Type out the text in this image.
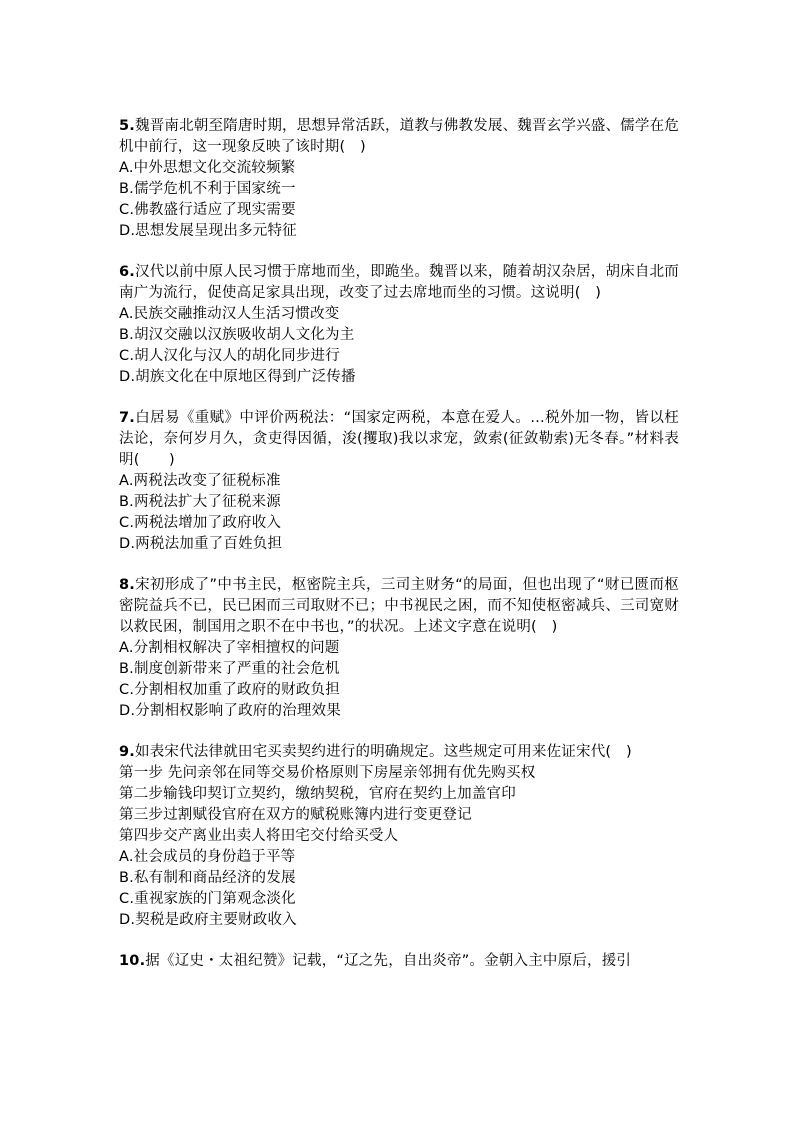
5.魏晋南北朝至隋唐时期，思想异常活跃，道教与佛教发展、魏晋玄学兴盛、儒学在危机中前行，这一现象反映了该时期(　)
A.中外思想文化交流较频繁
B.儒学危机不利于国家统一
C.佛教盛行适应了现实需要
D.思想发展呈现出多元特征
6.汉代以前中原人民习惯于席地而坐，即跪坐。魏晋以来，随着胡汉杂居，胡床自北而南广为流行，促使高足家具出现，改变了过去席地而坐的习惯。这说明(　)
A.民族交融推动汉人生活习惯改变
B.胡汉交融以汉族吸收胡人文化为主
C.胡人汉化与汉人的胡化同步进行
D.胡族文化在中原地区得到广泛传播
7.白居易《重赋》中评价两税法：“国家定两税，本意在爱人。…税外加一物，皆以枉法论，奈何岁月久，贪吏得因循，浚(攫取)我以求宠，敛索(征敛勒索)无冬春。”材料表明(　　)
A.两税法改变了征税标准
B.两税法扩大了征税来源
C.两税法增加了政府收入
D.两税法加重了百姓负担
8.宋初形成了”中书主民，枢密院主兵，三司主财务“的局面，但也出现了“财已匮而枢密院益兵不已，民已困而三司取财不已；中书视民之困，而不知使枢密减兵、三司宽财以救民困，制国用之职不在中书也，”的状况。上述文字意在说明(　)
A.分割相权解决了宰相擅权的问题
B.制度创新带来了严重的社会危机
C.分割相权加重了政府的财政负担
D.分割相权影响了政府的治理效果
9.如表宋代法律就田宅买卖契约进行的明确规定。这些规定可用来佐证宋代(　)
第一步 先问亲邻在同等交易价格原则下房屋亲邻拥有优先购买权
第二步输钱印契订立契约，缴纳契税，官府在契约上加盖官印
第三步过割赋役官府在双方的赋税账簿内进行变更登记
第四步交产离业出卖人将田宅交付给买受人
A.社会成员的身份趋于平等
B.私有制和商品经济的发展
C.重视家族的门第观念淡化
D.契税是政府主要财政收入
10.据《辽史・太祖纪赞》记载，“辽之先，自出炎帝”。金朝入主中原后，援引
